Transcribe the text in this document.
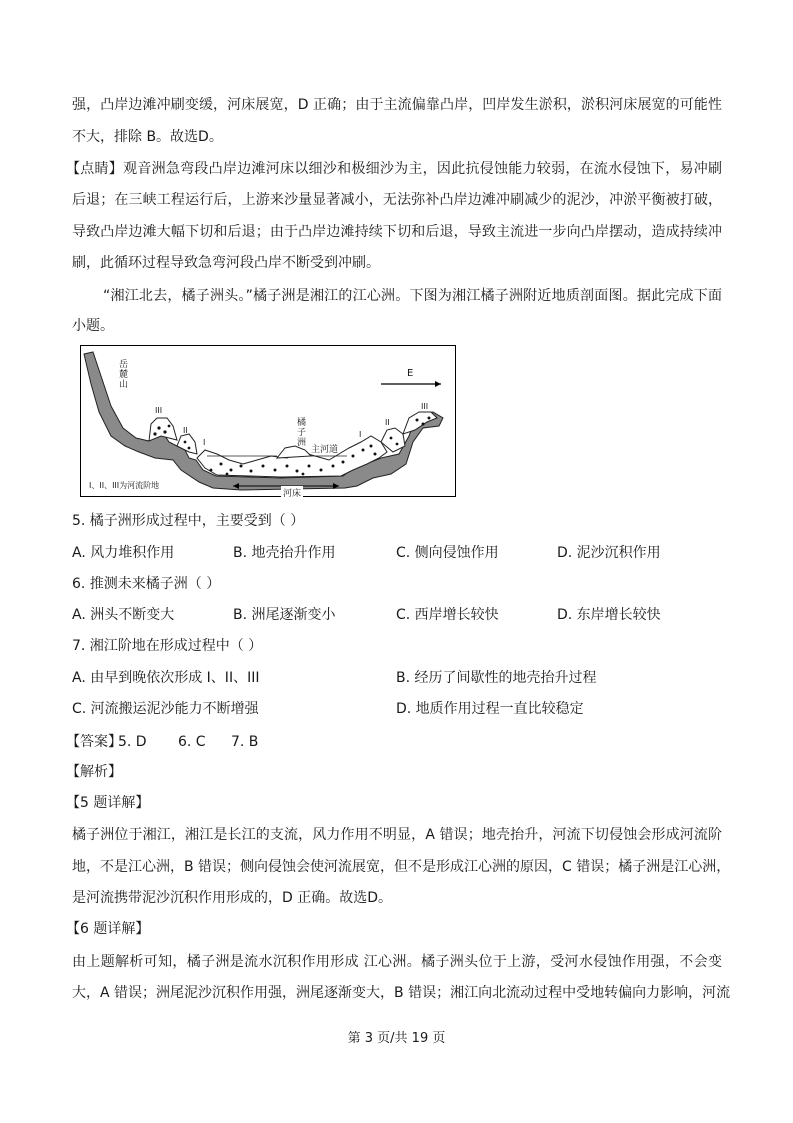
强，凸岸边滩冲刷变缓，河床展宽，D 正确；由于主流偏靠凸岸，凹岸发生淤积，淤积河床展宽的可能性
不大，排除 B。故选D。
【点睛】观音洲急弯段凸岸边滩河床以细沙和极细沙为主，因此抗侵蚀能力较弱，在流水侵蚀下，易冲刷
后退；在三峡工程运行后，上游来沙量显著减小，无法弥补凸岸边滩冲刷减少的泥沙，冲淤平衡被打破，
导致凸岸边滩大幅下切和后退；由于凸岸边滩持续下切和后退，导致主流进一步向凸岸摆动，造成持续冲
刷，此循环过程导致急弯河段凸岸不断受到冲刷。
“湘江北去，橘子洲头。”橘子洲是湘江的江心洲。下图为湘江橘子洲附近地质剖面图。据此完成下面
小题。
岳麓山
E
橘子洲
主河道
河床
III
II
I
I
II
III
I、II、III为河流阶地
5. 橘子洲形成过程中，主要受到（ ）
A. 风力堆积作用	B. 地壳抬升作用	C. 侧向侵蚀作用	D. 泥沙沉积作用
6. 推测未来橘子洲（ ）
A. 洲头不断变大	B. 洲尾逐渐变小	C. 西岸增长较快	D. 东岸增长较快
7. 湘江阶地在形成过程中（ ）
A. 由早到晚依次形成 I、II、III	B. 经历了间歇性的地壳抬升过程
C. 河流搬运泥沙能力不断增强	D. 地质作用过程一直比较稳定
【答案】
5. D 6. C 7. B
【解析】
【5 题详解】
橘子洲位于湘江，湘江是长江的支流，风力作用不明显，A 错误；地壳抬升，河流下切侵蚀会形成河流阶
地，不是江心洲，B 错误；侧向侵蚀会使河流展宽，但不是形成江心洲的原因，C 错误；橘子洲是江心洲，
是河流携带泥沙沉积作用形成的，D 正确。故选D。
【6 题详解】
由上题解析可知，橘子洲是流水沉积作用形成 江心洲。橘子洲头位于上游，受河水侵蚀作用强，不会变
大，A 错误；洲尾泥沙沉积作用强，洲尾逐渐变大，B 错误；湘江向北流动过程中受地转偏向力影响，河流
第 3 页/共 19 页
